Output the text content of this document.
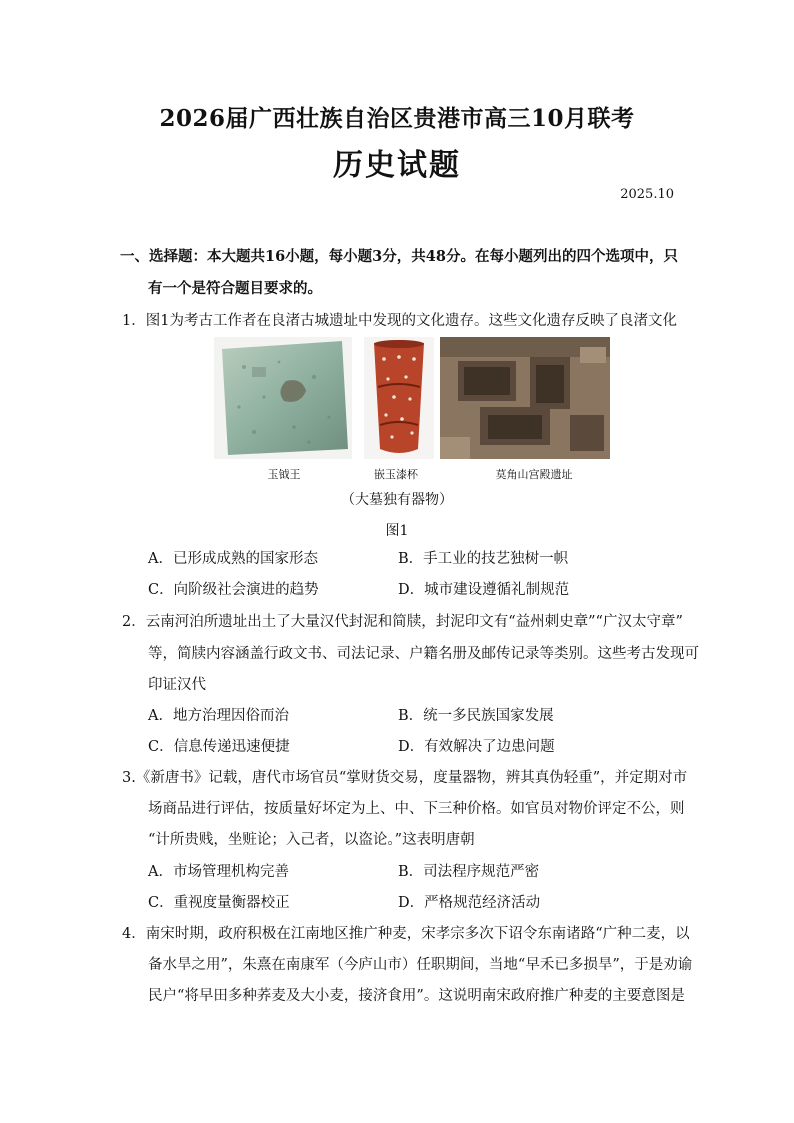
2026届广西壮族自治区贵港市高三10月联考
历史试题
2025.10
一、选择题：本大题共16小题，每小题3分，共48分。在每小题列出的四个选项中，只
有一个是符合题目要求的。
1．图1为考古工作者在良渚古城遗址中发现的文化遗存。这些文化遗存反映了良渚文化
玉钺王	嵌玉漆杯	莫角山宫殿遗址
（大墓独有器物）
图1
A．已形成成熟的国家形态	B．手工业的技艺独树一帜
C．向阶级社会演进的趋势	D．城市建设遵循礼制规范
2．云南河泊所遗址出土了大量汉代封泥和简牍，封泥印文有“益州刺史章”“广汉太守章”
等，简牍内容涵盖行政文书、司法记录、户籍名册及邮传记录等类别。这些考古发现可
印证汉代
A．地方治理因俗而治	B．统一多民族国家发展
C．信息传递迅速便捷	D．有效解决了边患问题
3.《新唐书》记载，唐代市场官员“掌财货交易，度量器物，辨其真伪轻重”，并定期对市
场商品进行评估，按质量好坏定为上、中、下三种价格。如官员对物价评定不公，则
“计所贵贱，坐赃论；入己者，以盗论。”这表明唐朝
A．市场管理机构完善	B．司法程序规范严密
C．重视度量衡器校正	D．严格规范经济活动
4．南宋时期，政府积极在江南地区推广种麦，宋孝宗多次下诏令东南诸路“广种二麦，以
备水旱之用”，朱熹在南康军（今庐山市）任职期间，当地“早禾已多损旱”，于是劝谕
民户“将早田多种荞麦及大小麦，接济食用”。这说明南宋政府推广种麦的主要意图是
